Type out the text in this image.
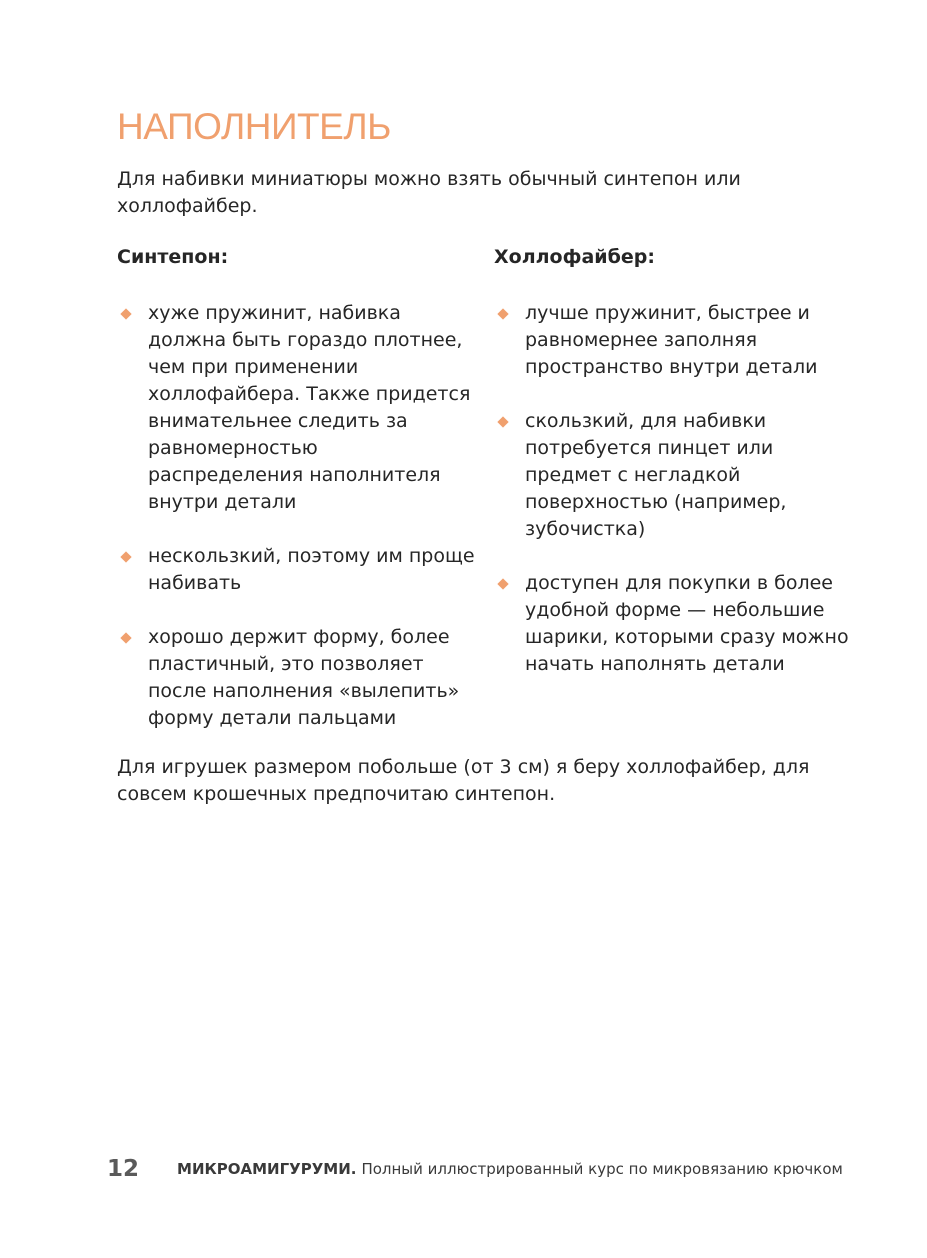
НАПОЛНИТЕЛЬ

Для набивки миниатюры можно взять обычный синтепон или холлофайбер.

Синтепон:
хуже пружинит, набивка должна быть гораздо плотнее, чем при применении холлофайбера. Также придется внимательнее следить за равномерностью распределения наполнителя внутри детали
нескользкий, поэтому им проще набивать
хорошо держит форму, более пластичный, это позволяет после наполнения «вылепить» форму детали пальцами
Холлофайбер:
лучше пружинит, быстрее и равномернее заполняя пространство внутри детали
скользкий, для набивки потребуется пинцет или предмет с негладкой поверхностью (например, зубочистка)
доступен для покупки в более удобной форме — небольшие шарики, которыми сразу можно начать наполнять детали

Для игрушек размером побольше (от 3 см) я беру холлофайбер, для совсем крошечных предпочитаю синтепон.

12	МИКРОАМИГУРУМИ. Полный иллюстрированный курс по микровязанию крючком
